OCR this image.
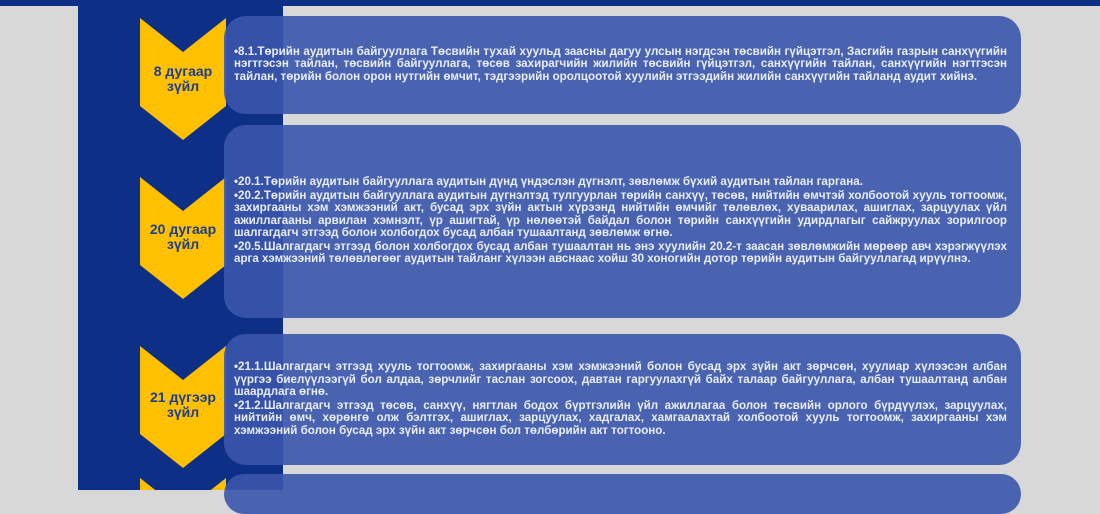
8 дугаар
зүйл

•8.1.Төрийн аудитын байгууллага Төсвийн тухай хуульд заасны дагуу улсын нэгдсэн төсвийн гүйцэтгэл, Засгийн газрын санхүүгийн нэгтгэсэн тайлан, төсвийн байгууллага, төсөв захирагчийн жилийн төсвийн гүйцэтгэл, санхүүгийн тайлан, санхүүгийн нэгтгэсэн тайлан, төрийн болон орон нутгийн өмчит, тэдгээрийн оролцоотой хуулийн этгээдийн жилийн санхүүгийн тайланд аудит хийнэ.

20 дугаар
зүйл

•20.1.Төрийн аудитын байгууллага аудитын дүнд үндэслэн дүгнэлт, зөвлөмж бүхий аудитын тайлан гаргана.

•20.2.Төрийн аудитын байгууллага аудитын дүгнэлтэд тулгуурлан төрийн санхүү, төсөв, нийтийн өмчтэй холбоотой хууль тогтоомж, захиргааны хэм хэмжээний акт, бусад эрх зүйн актын хүрээнд нийтийн өмчийг төлөвлөх, хуваарилах, ашиглах, зарцуулах үйл ажиллагааны арвилан хэмнэлт, үр ашигтай, үр нөлөөтэй байдал болон төрийн санхүүгийн удирдлагыг сайжруулах зорилгоор шалгагдагч этгээд болон холбогдох бусад албан тушаалтанд зөвлөмж өгнө.

•20.5.Шалгагдагч этгээд болон холбогдох бусад албан тушаалтан нь энэ хуулийн 20.2-т заасан зөвлөмжийн мөрөөр авч хэрэгжүүлэх арга хэмжээний төлөвлөгөөг аудитын тайланг хүлээн авснаас хойш 30 хоногийн дотор төрийн аудитын байгууллагад ирүүлнэ.

21 дүгээр
зүйл

•21.1.Шалгагдагч этгээд хууль тогтоомж, захиргааны хэм хэмжээний болон бусад эрх зүйн акт зөрчсөн, хуулиар хүлээсэн албан үүргээ биелүүлээгүй бол алдаа, зөрчлийг таслан зогсоох, давтан гаргуулахгүй байх талаар байгууллага, албан тушаалтанд албан шаардлага өгнө.

•21.2.Шалгагдагч этгээд төсөв, санхүү, нягтлан бодох бүртгэлийн үйл ажиллагаа болон төсвийн орлого бүрдүүлэх, зарцуулах, нийтийн өмч, хөрөнгө олж бэлтгэх, ашиглах, зарцуулах, хадгалах, хамгаалахтай холбоотой хууль тогтоомж, захиргааны хэм хэмжээний болон бусад эрх зүйн акт зөрчсөн бол төлбөрийн акт тогтооно.
